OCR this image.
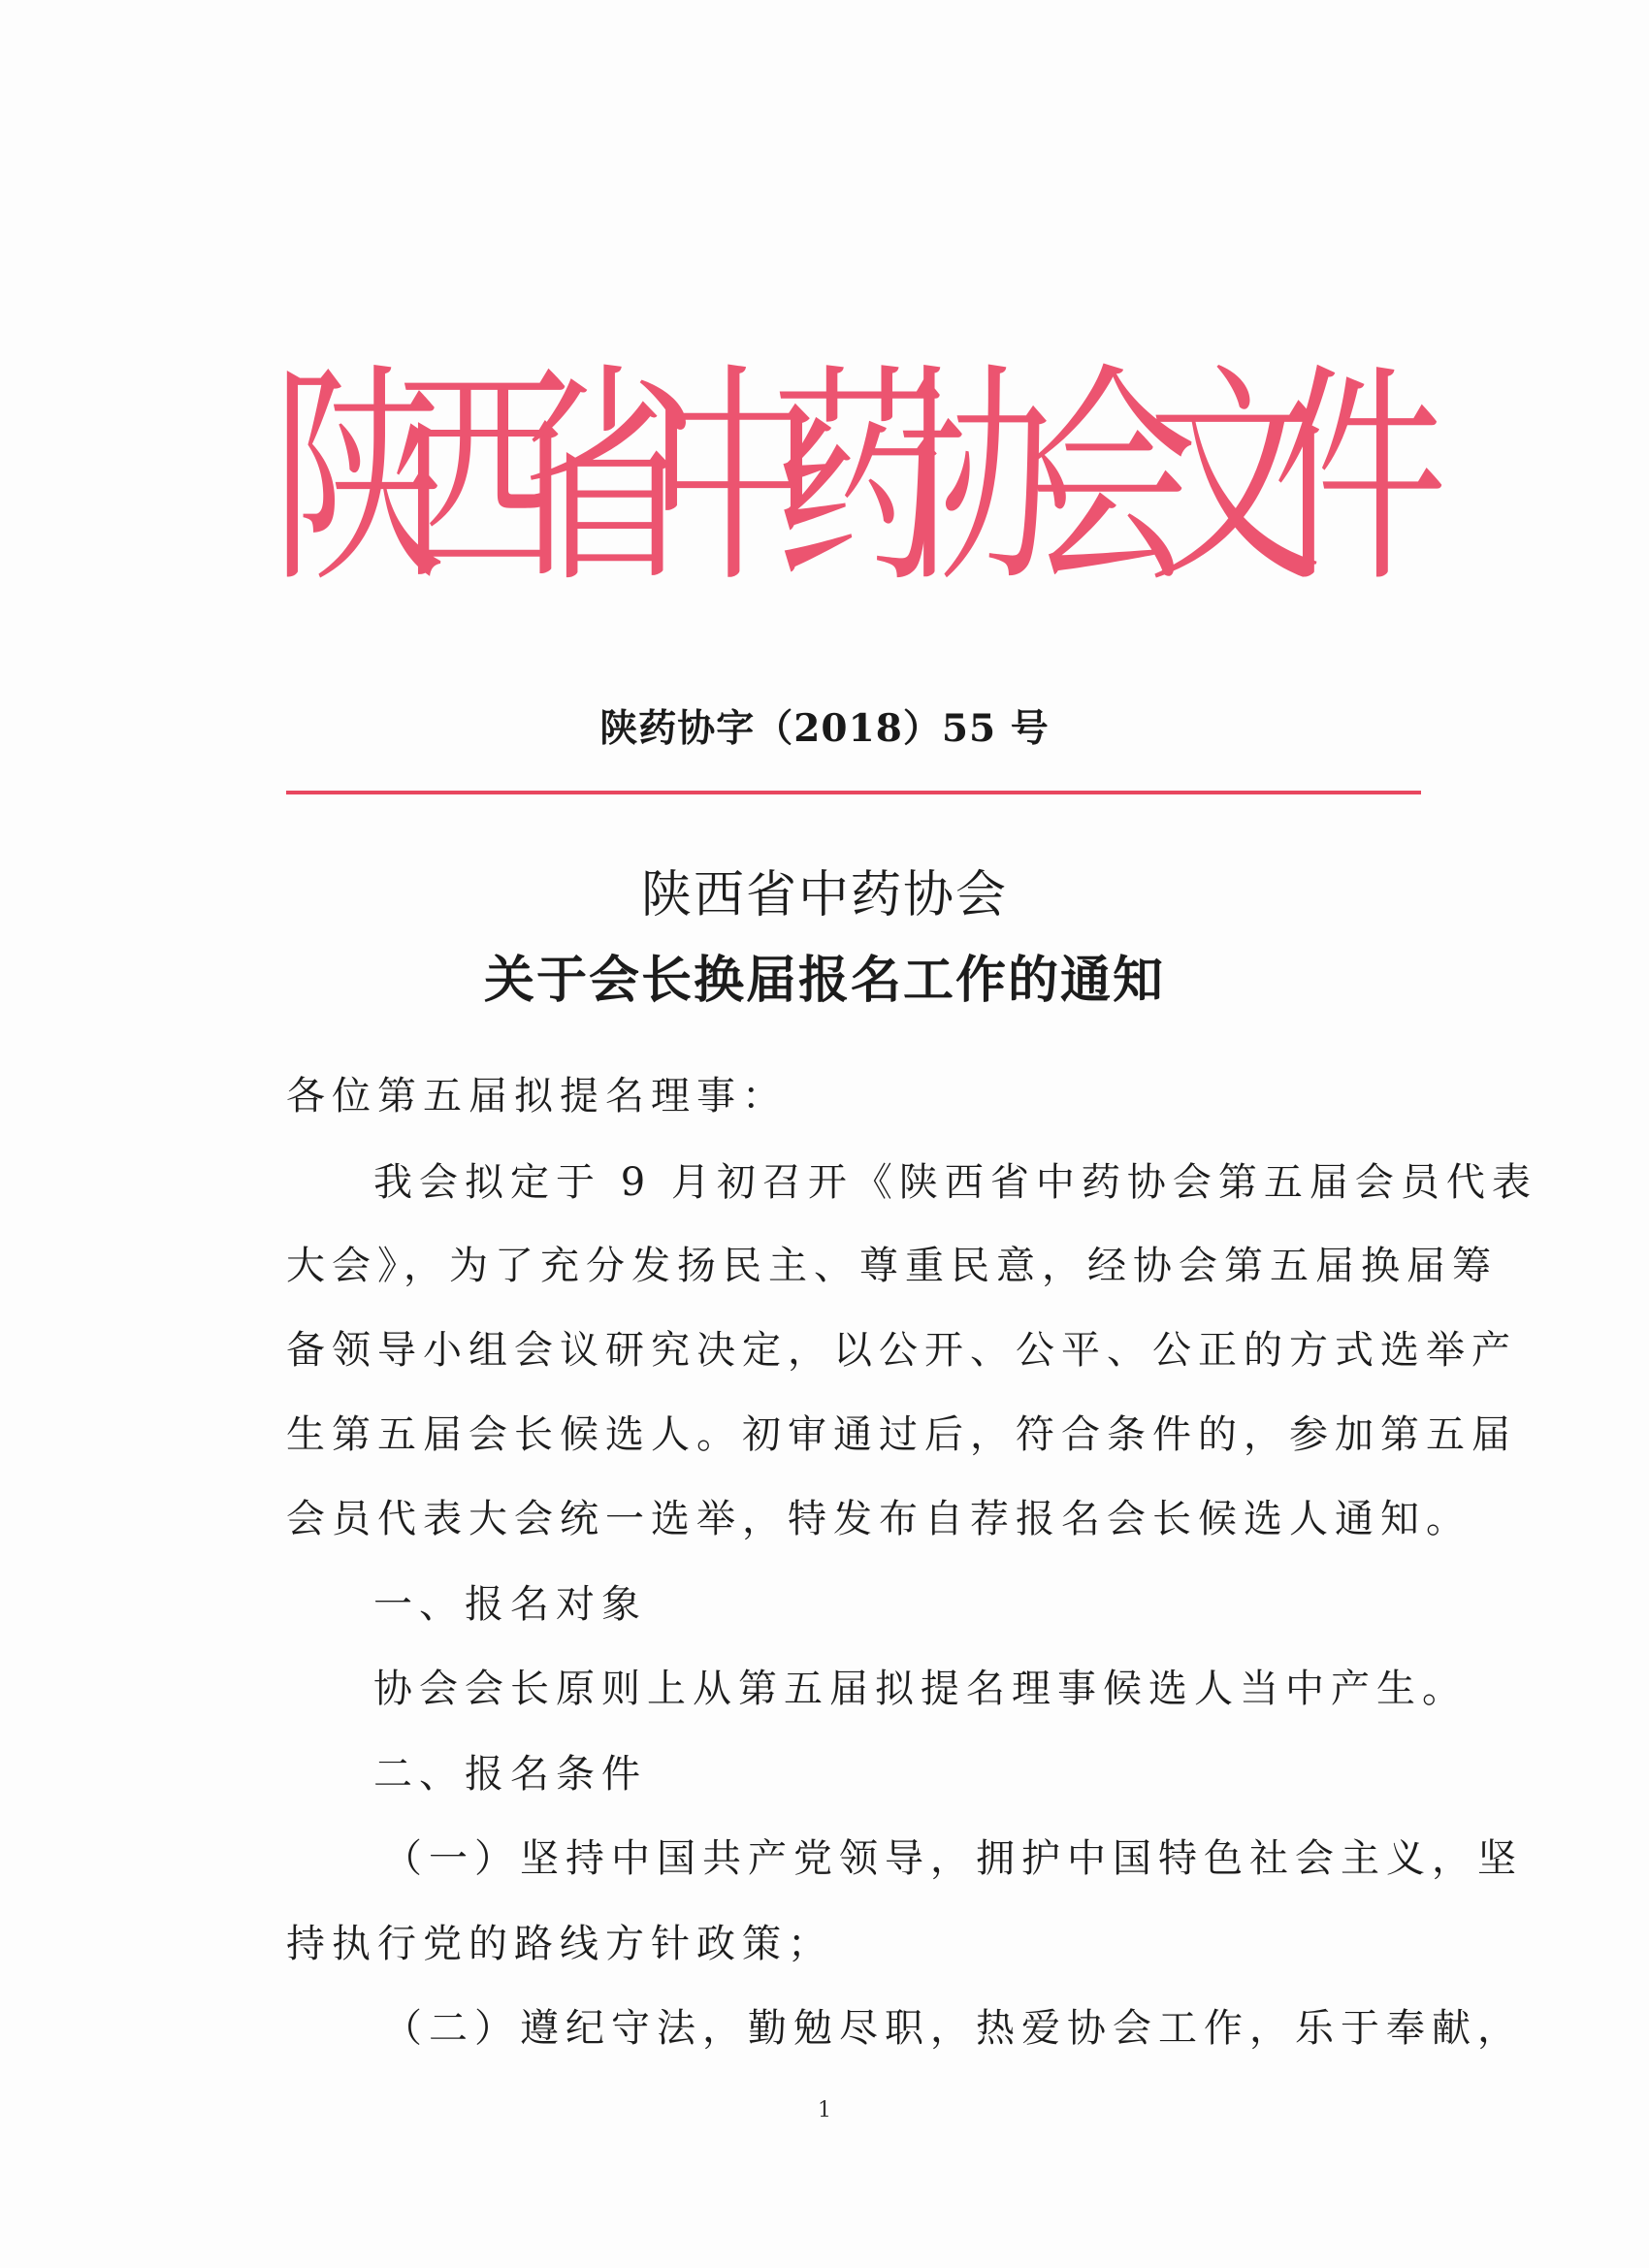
陕
西
省
中
药
协
会
文
件
陕药协字（2018）55 号
陕西省中药协会
关于会长换届报名工作的通知
各位第五届拟提名理事：
我会拟定于 9 月初召开《陕西省中药协会第五届会员代表
大会》，为了充分发扬民主、尊重民意，经协会第五届换届筹
备领导小组会议研究决定，以公开、公平、公正的方式选举产
生第五届会长候选人。初审通过后，符合条件的，参加第五届
会员代表大会统一选举，特发布自荐报名会长候选人通知。
一、报名对象
协会会长原则上从第五届拟提名理事候选人当中产生。
二、报名条件
（一）坚持中国共产党领导，拥护中国特色社会主义，坚
持执行党的路线方针政策；
（二）遵纪守法，勤勉尽职，热爱协会工作，乐于奉献，
1
